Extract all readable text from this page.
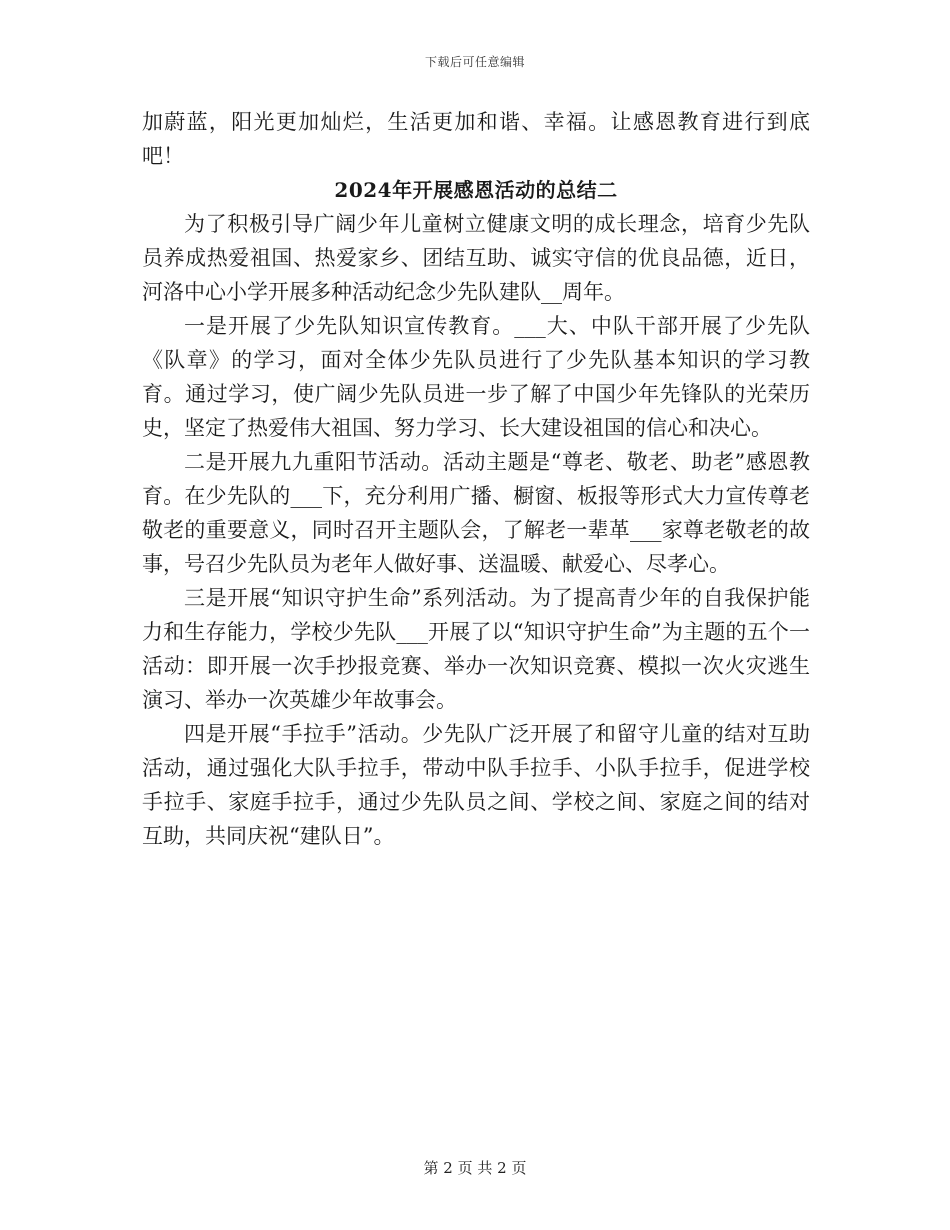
下载后可任意编辑

加蔚蓝，阳光更加灿烂，生活更加和谐、幸福。让感恩教育进行到底吧！

2024年开展感恩活动的总结二

为了积极引导广阔少年儿童树立健康文明的成长理念，培育少先队员养成热爱祖国、热爱家乡、团结互助、诚实守信的优良品德，近日，河洛中心小学开展多种活动纪念少先队建队__周年。

一是开展了少先队知识宣传教育。___大、中队干部开展了少先队《队章》的学习，面对全体少先队员进行了少先队基本知识的学习教育。通过学习，使广阔少先队员进一步了解了中国少年先锋队的光荣历史，坚定了热爱伟大祖国、努力学习、长大建设祖国的信心和决心。

二是开展九九重阳节活动。活动主题是“尊老、敬老、助老”感恩教育。在少先队的___下，充分利用广播、橱窗、板报等形式大力宣传尊老敬老的重要意义，同时召开主题队会，了解老一辈革___家尊老敬老的故事，号召少先队员为老年人做好事、送温暖、献爱心、尽孝心。

三是开展“知识守护生命”系列活动。为了提高青少年的自我保护能力和生存能力，学校少先队___开展了以“知识守护生命”为主题的五个一活动：即开展一次手抄报竞赛、举办一次知识竞赛、模拟一次火灾逃生演习、举办一次英雄少年故事会。

四是开展“手拉手”活动。少先队广泛开展了和留守儿童的结对互助活动，通过强化大队手拉手，带动中队手拉手、小队手拉手，促进学校手拉手、家庭手拉手，通过少先队员之间、学校之间、家庭之间的结对互助，共同庆祝“建队日”。

第 2 页 共 2 页
